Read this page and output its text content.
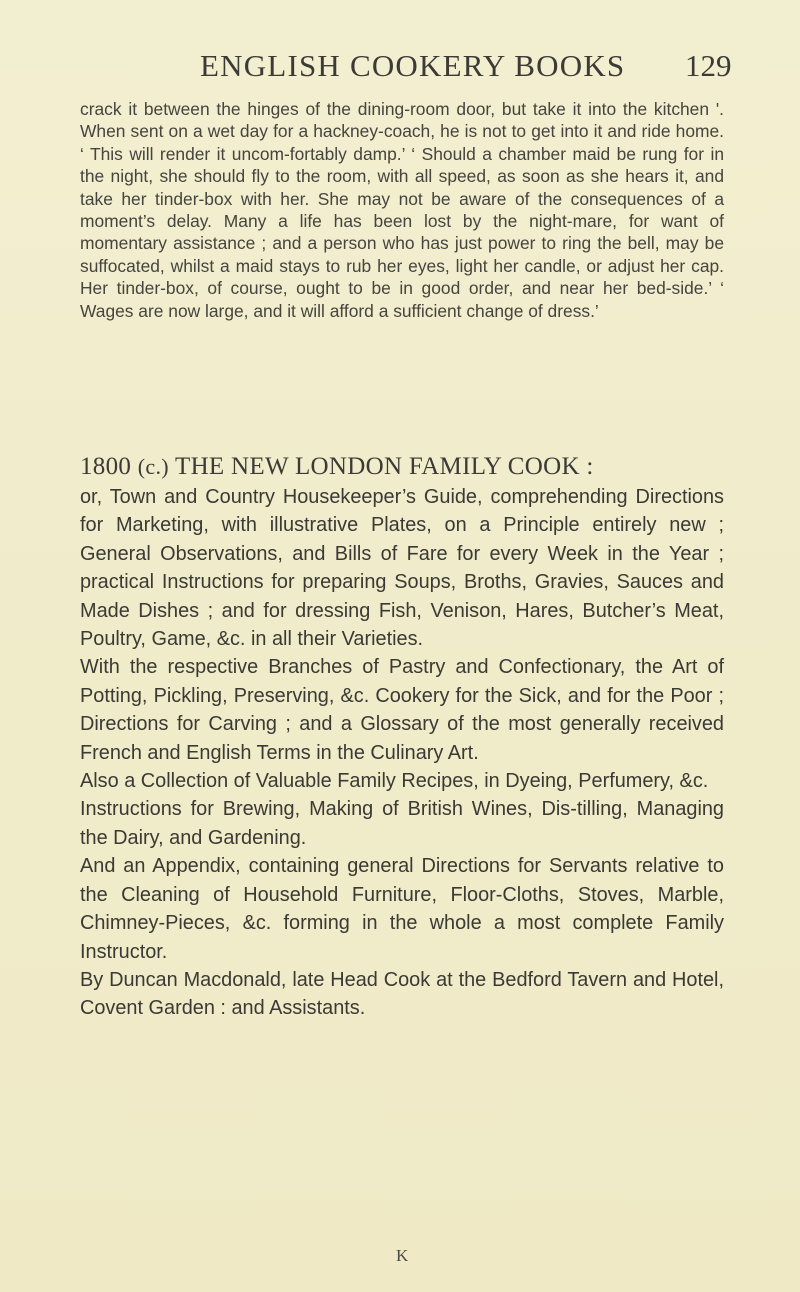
ENGLISH COOKERY BOOKS 129
crack it between the hinges of the dining-room door, but take it into the kitchen '. When sent on a wet day for a hackney-coach, he is not to get into it and ride home. ‘ This will render it uncom-fortably damp.’ ‘ Should a chamber maid be rung for in the night, she should fly to the room, with all speed, as soon as she hears it, and take her tinder-box with her. She may not be aware of the consequences of a moment’s delay. Many a life has been lost by the night-mare, for want of momentary assistance ; and a person who has just power to ring the bell, may be suffocated, whilst a maid stays to rub her eyes, light her candle, or adjust her cap. Her tinder-box, of course, ought to be in good order, and near her bed-side.’ ‘ Wages are now large, and it will afford a sufficient change of dress.’
1800 (c.) THE NEW LONDON FAMILY COOK :

or, Town and Country Housekeeper’s Guide, comprehending Directions for Marketing, with illustrative Plates, on a Principle entirely new ; General Observations, and Bills of Fare for every Week in the Year ; practical Instructions for preparing Soups, Broths, Gravies, Sauces and Made Dishes ; and for dressing Fish, Venison, Hares, Butcher’s Meat, Poultry, Game, &c. in all their Varieties.

With the respective Branches of Pastry and Confectionary, the Art of Potting, Pickling, Preserving, &c. Cookery for the Sick, and for the Poor ; Directions for Carving ; and a Glossary of the most generally received French and English Terms in the Culinary Art.

Also a Collection of Valuable Family Recipes, in Dyeing, Perfumery, &c.

Instructions for Brewing, Making of British Wines, Dis-tilling, Managing the Dairy, and Gardening.

And an Appendix, containing general Directions for Servants relative to the Cleaning of Household Furniture, Floor-Cloths, Stoves, Marble, Chimney-Pieces, &c. forming in the whole a most complete Family Instructor.

By Duncan Macdonald, late Head Cook at the Bedford Tavern and Hotel, Covent Garden : and Assistants.

K
